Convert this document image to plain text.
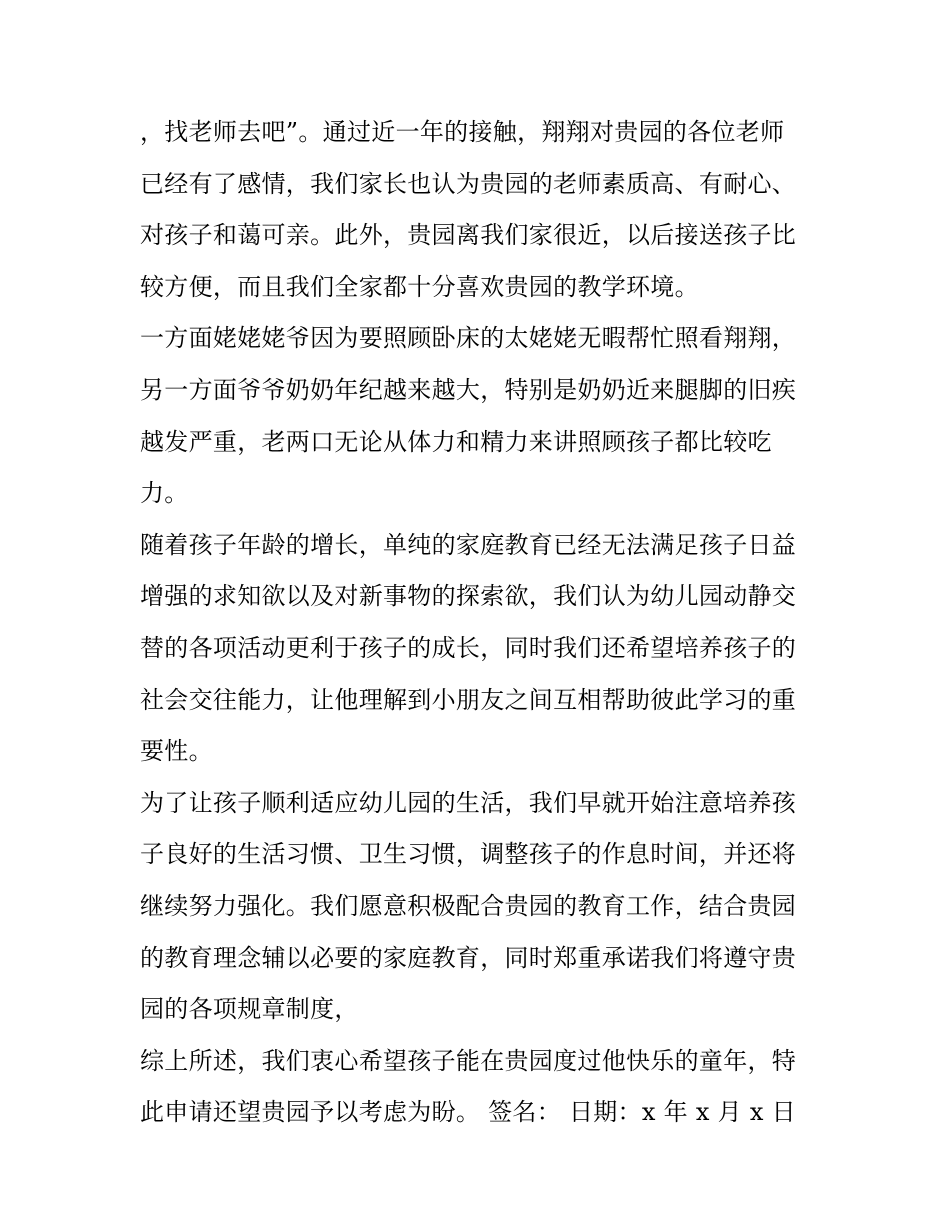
，找老师去吧”。通过近一年的接触，翔翔对贵园的各位老师
已经有了感情，我们家长也认为贵园的老师素质高、有耐心、
对孩子和蔼可亲。此外，贵园离我们家很近，以后接送孩子比
较方便，而且我们全家都十分喜欢贵园的教学环境。
一方面姥姥姥爷因为要照顾卧床的太姥姥无暇帮忙照看翔翔，
另一方面爷爷奶奶年纪越来越大，特别是奶奶近来腿脚的旧疾
越发严重，老两口无论从体力和精力来讲照顾孩子都比较吃
力。
随着孩子年龄的增长，单纯的家庭教育已经无法满足孩子日益
增强的求知欲以及对新事物的探索欲，我们认为幼儿园动静交
替的各项活动更利于孩子的成长，同时我们还希望培养孩子的
社会交往能力，让他理解到小朋友之间互相帮助彼此学习的重
要性。
为了让孩子顺利适应幼儿园的生活，我们早就开始注意培养孩
子良好的生活习惯、卫生习惯，调整孩子的作息时间，并还将
继续努力强化。我们愿意积极配合贵园的教育工作，结合贵园
的教育理念辅以必要的家庭教育，同时郑重承诺我们将遵守贵
园的各项规章制度，
综上所述，我们衷心希望孩子能在贵园度过他快乐的童年，特
此申请还望贵园予以考虑为盼。 签名： 日期：x 年 x 月 x 日
